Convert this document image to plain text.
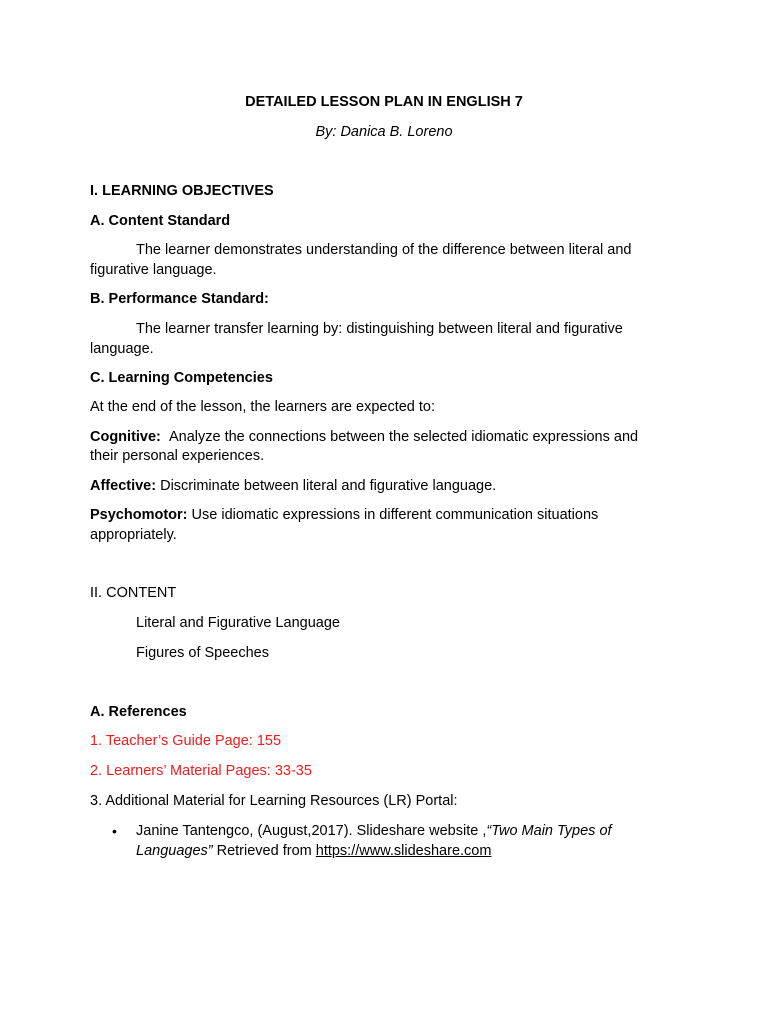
DETAILED LESSON PLAN IN ENGLISH 7
By: Danica B. Loreno
I. LEARNING OBJECTIVES
A. Content Standard
The learner demonstrates understanding of the difference between literal and
figurative language.
B. Performance Standard:
The learner transfer learning by: distinguishing between literal and figurative
language.
C. Learning Competencies
At the end of the lesson, the learners are expected to:
Cognitive: Analyze the connections between the selected idiomatic expressions and
their personal experiences.
Affective: Discriminate between literal and figurative language.
Psychomotor: Use idiomatic expressions in different communication situations
appropriately.
II. CONTENT
Literal and Figurative Language
Figures of Speeches
A. References
1. Teacher’s Guide Page: 155
2. Learners’ Material Pages: 33-35
3. Additional Material for Learning Resources (LR) Portal:
• Janine Tantengco, (August,2017). Slideshare website ,“Two Main Types of
Languages” Retrieved from https://www.slideshare.com
